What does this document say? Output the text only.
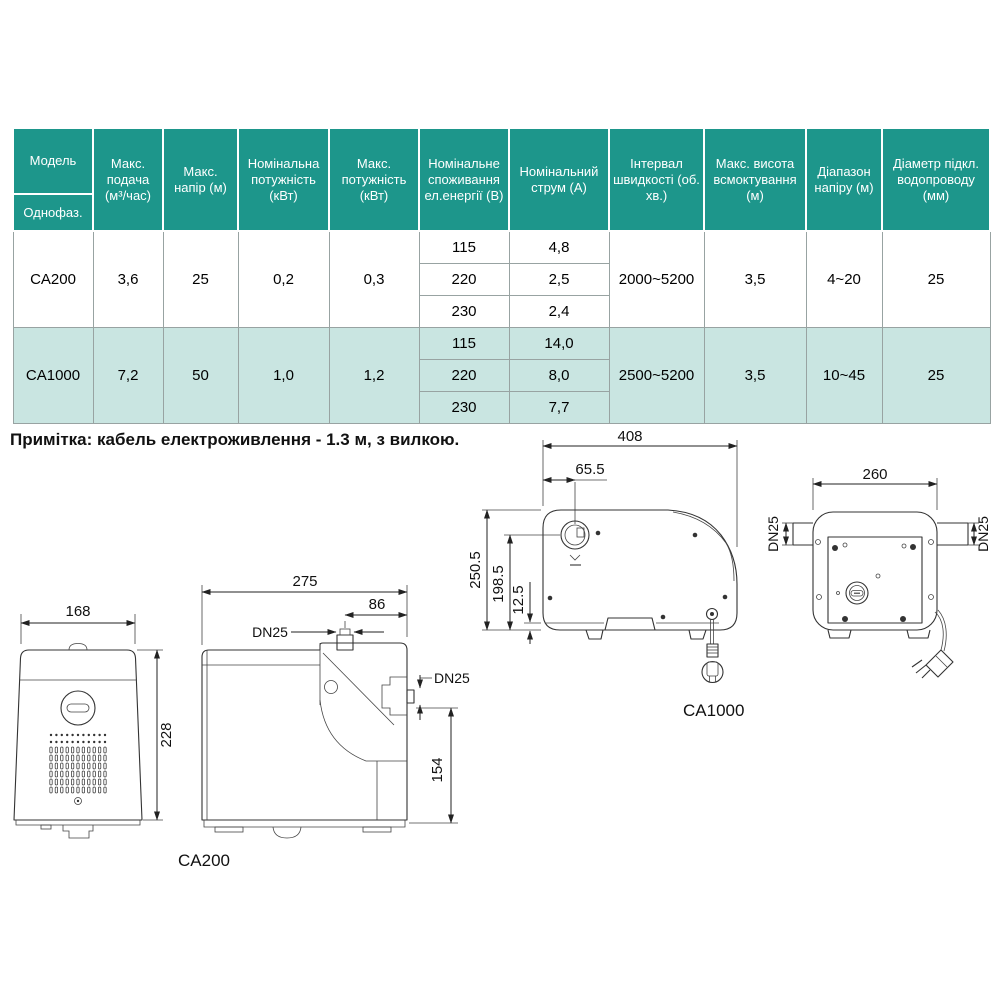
Модель	Макс. подача (м³/час)	Макс. напір (м)	Номінальна потужність (кВт)	Макс. потужність (кВт)	Номінальне споживання ел.енергії (В)	Номінальний струм (А)	Інтервал швидкості (об. хв.)	Макс. висота всмоктування (м)	Діапазон напіру (м)	Діаметр підкл. водопроводу (мм)
Однофаз.										
CA200	3,6	25	0,2	0,3	115	4,8	2000~5200	3,5	4~20	25
					220	2,5				
					230	2,4				
CA1000	7,2	50	1,0	1,2	115	14,0	2500~5200	3,5	10~45	25
					220	8,0				
					230	7,7				
Примітка: кабель електроживлення - 1.3 м, з вилкою.
168
228
275
86
DN25
DN25
154
CA200
408
65.5
250.5 198.5 12.5
CA1000
260
DN25	DN25
